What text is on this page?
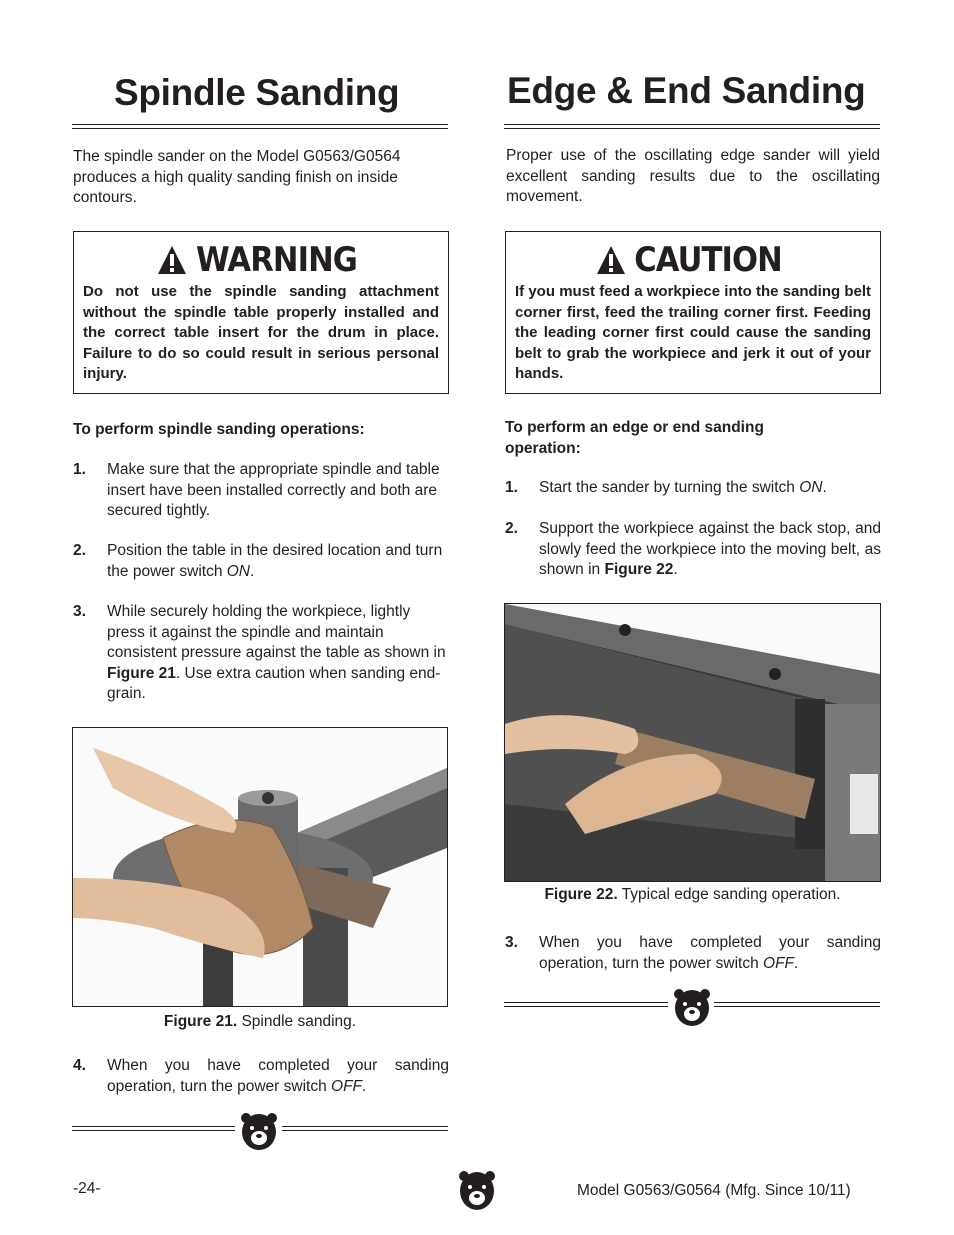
Spindle Sanding
The spindle sander on the Model G0563/G0564 produces a high quality sanding finish on inside contours.
WARNING
Do not use the spindle sanding attachment without the spindle table properly installed and the correct table insert for the drum in place. Failure to do so could result in serious personal injury.
To perform spindle sanding operations:
1. Make sure that the appropriate spindle and table insert have been installed correctly and both are secured tightly.
2. Position the table in the desired location and turn the power switch ON.
3. While securely holding the workpiece, lightly press it against the spindle and maintain consistent pressure against the table as shown in Figure 21. Use extra caution when sanding end-grain.
Figure 21. Spindle sanding.
4. When you have completed your sanding operation, turn the power switch OFF.
Edge & End Sanding
Proper use of the oscillating edge sander will yield excellent sanding results due to the oscillating movement.
CAUTION
If you must feed a workpiece into the sanding belt corner first, feed the trailing corner first. Feeding the leading corner first could cause the sanding belt to grab the workpiece and jerk it out of your hands.
To perform an edge or end sanding operation:
1. Start the sander by turning the switch ON.
2. Support the workpiece against the back stop, and slowly feed the workpiece into the moving belt, as shown in Figure 22.
Figure 22. Typical edge sanding operation.
3. When you have completed your sanding operation, turn the power switch OFF.
-24-	Model G0563/G0564 (Mfg. Since 10/11)
